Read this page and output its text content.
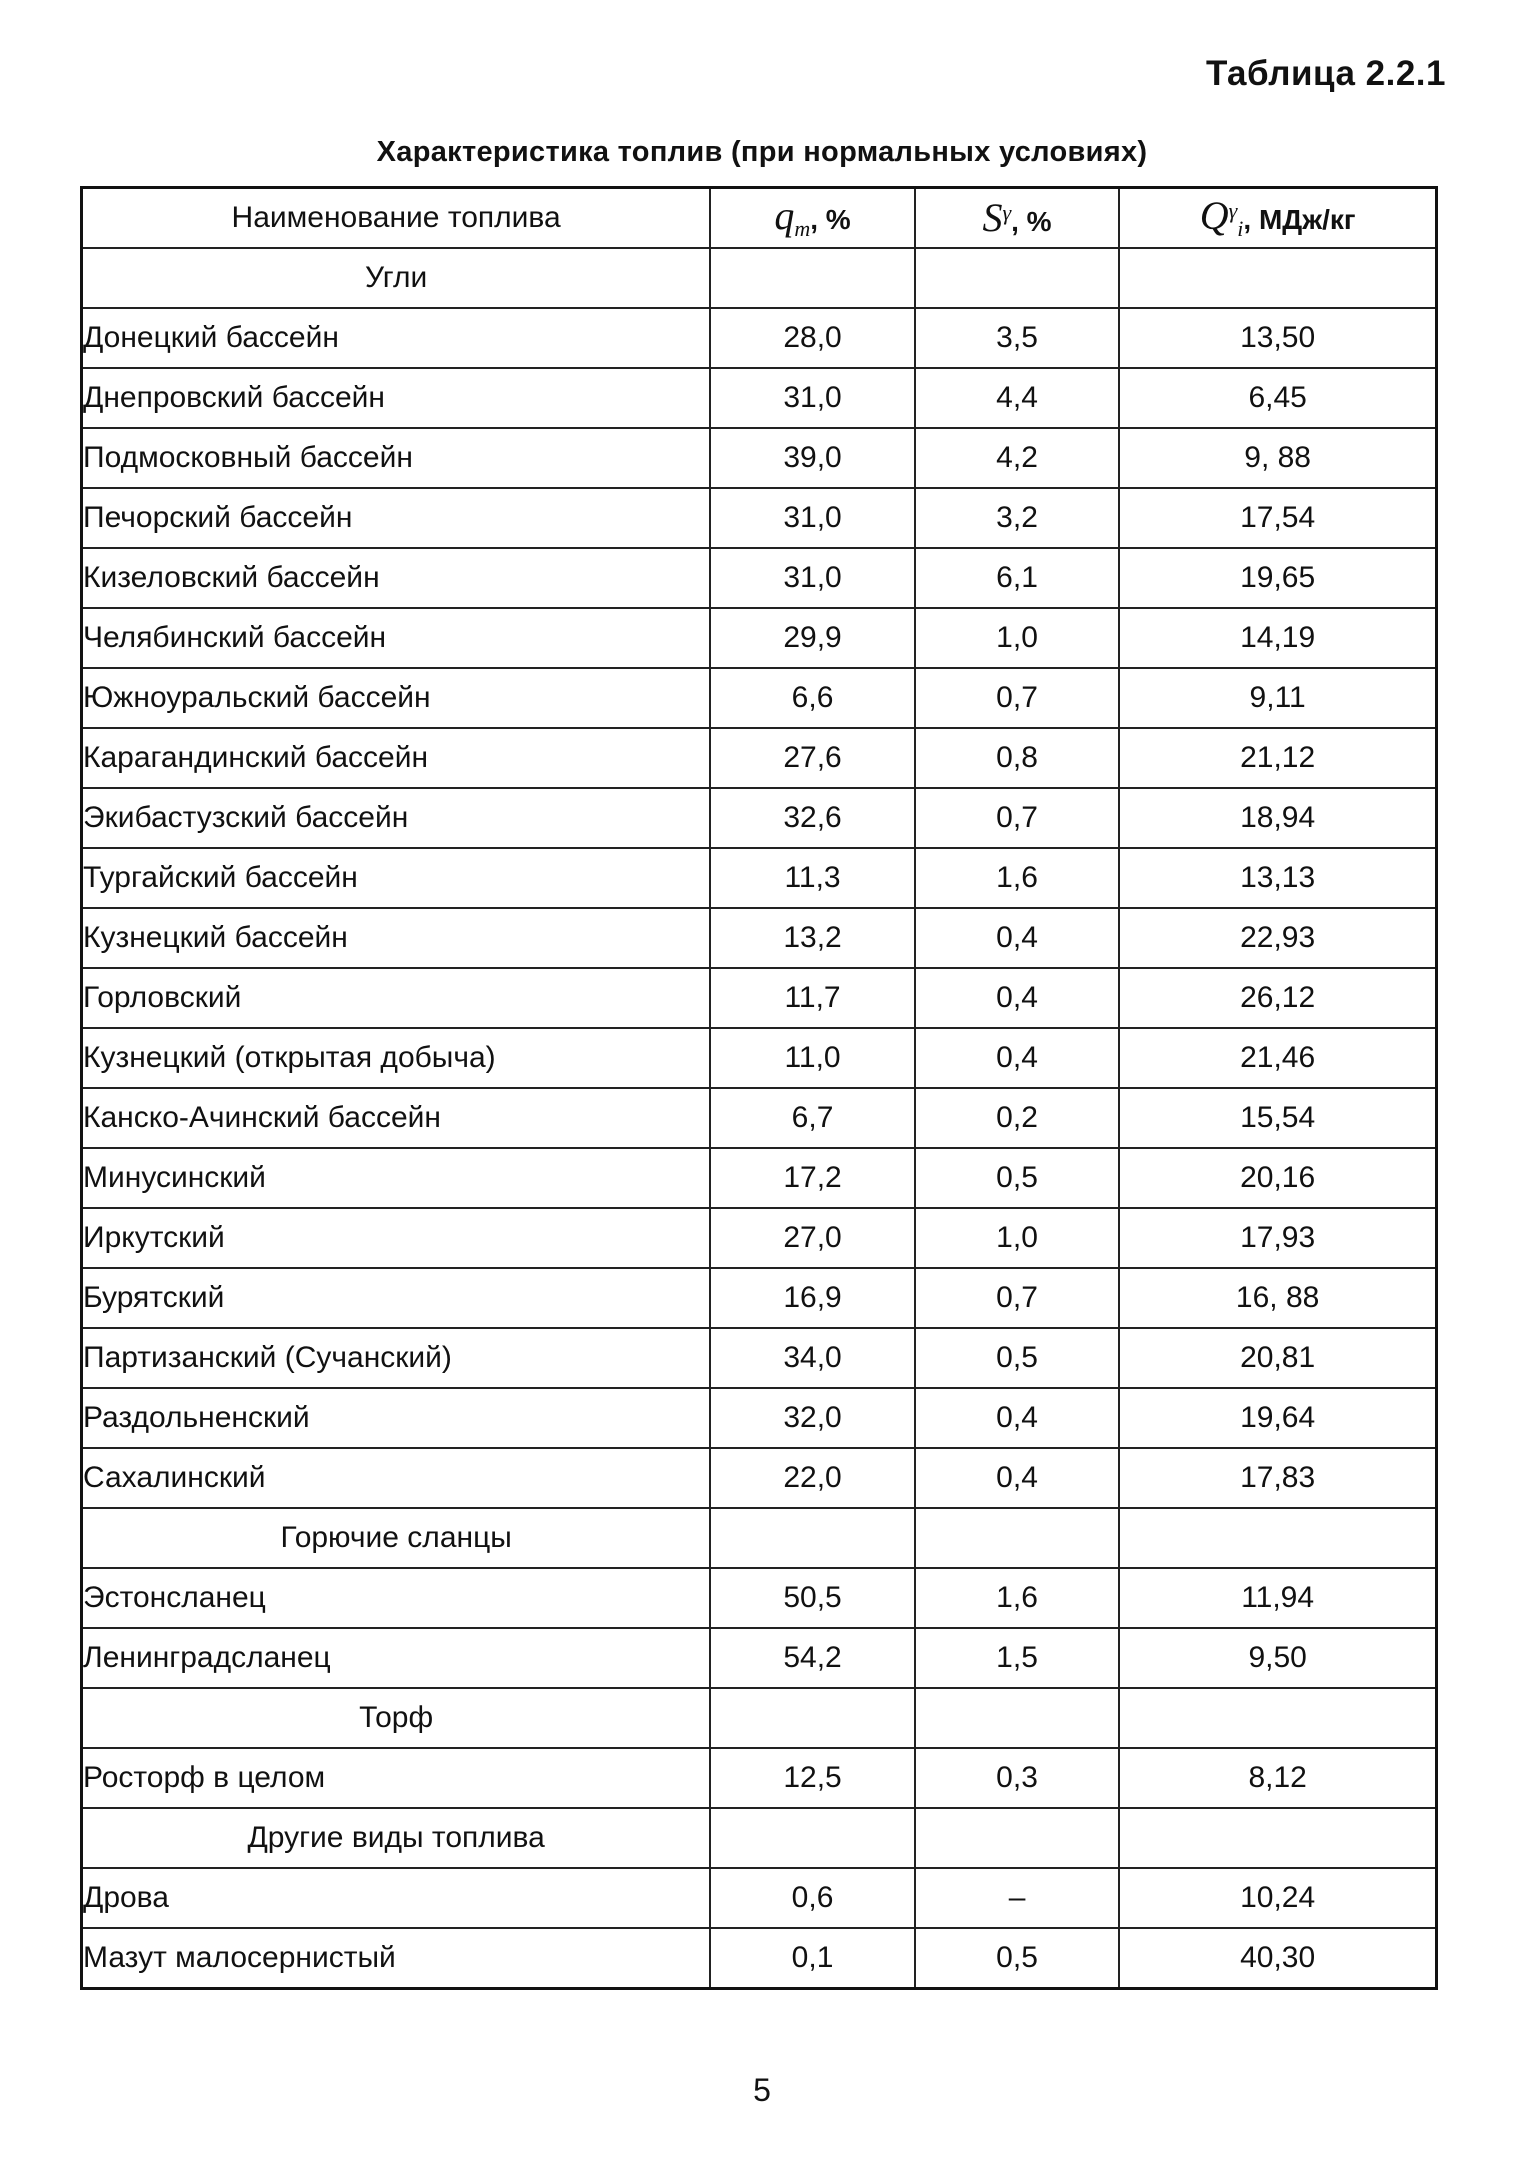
Таблица 2.2.1
Характеристика топлив (при нормальных условиях)
Наименование топлива	$q_т$, %	$S^\gamma$, %	$Q^\gamma_i$, МДж/кг
Угли			
Донецкий бассейн	28,0	3,5	13,50
Днепровский бассейн	31,0	4,4	6,45
Подмосковный бассейн	39,0	4,2	9, 88
Печорский бассейн	31,0	3,2	17,54
Кизеловский бассейн	31,0	6,1	19,65
Челябинский бассейн	29,9	1,0	14,19
Южноуральский бассейн	6,6	0,7	9,11
Карагандинский бассейн	27,6	0,8	21,12
Экибастузский бассейн	32,6	0,7	18,94
Тургайский бассейн	11,3	1,6	13,13
Кузнецкий бассейн	13,2	0,4	22,93
Горловский	11,7	0,4	26,12
Кузнецкий (открытая добыча)	11,0	0,4	21,46
Канско-Ачинский бассейн	6,7	0,2	15,54
Минусинский	17,2	0,5	20,16
Иркутский	27,0	1,0	17,93
Бурятский	16,9	0,7	16, 88
Партизанский (Сучанский)	34,0	0,5	20,81
Раздольненский	32,0	0,4	19,64
Сахалинский	22,0	0,4	17,83
Горючие сланцы			
Эстонсланец	50,5	1,6	11,94
Ленинградсланец	54,2	1,5	9,50
Торф			
Росторф в целом	12,5	0,3	8,12
Другие виды топлива			
Дрова	0,6	–	10,24
Мазут малосернистый	0,1	0,5	40,30
5
